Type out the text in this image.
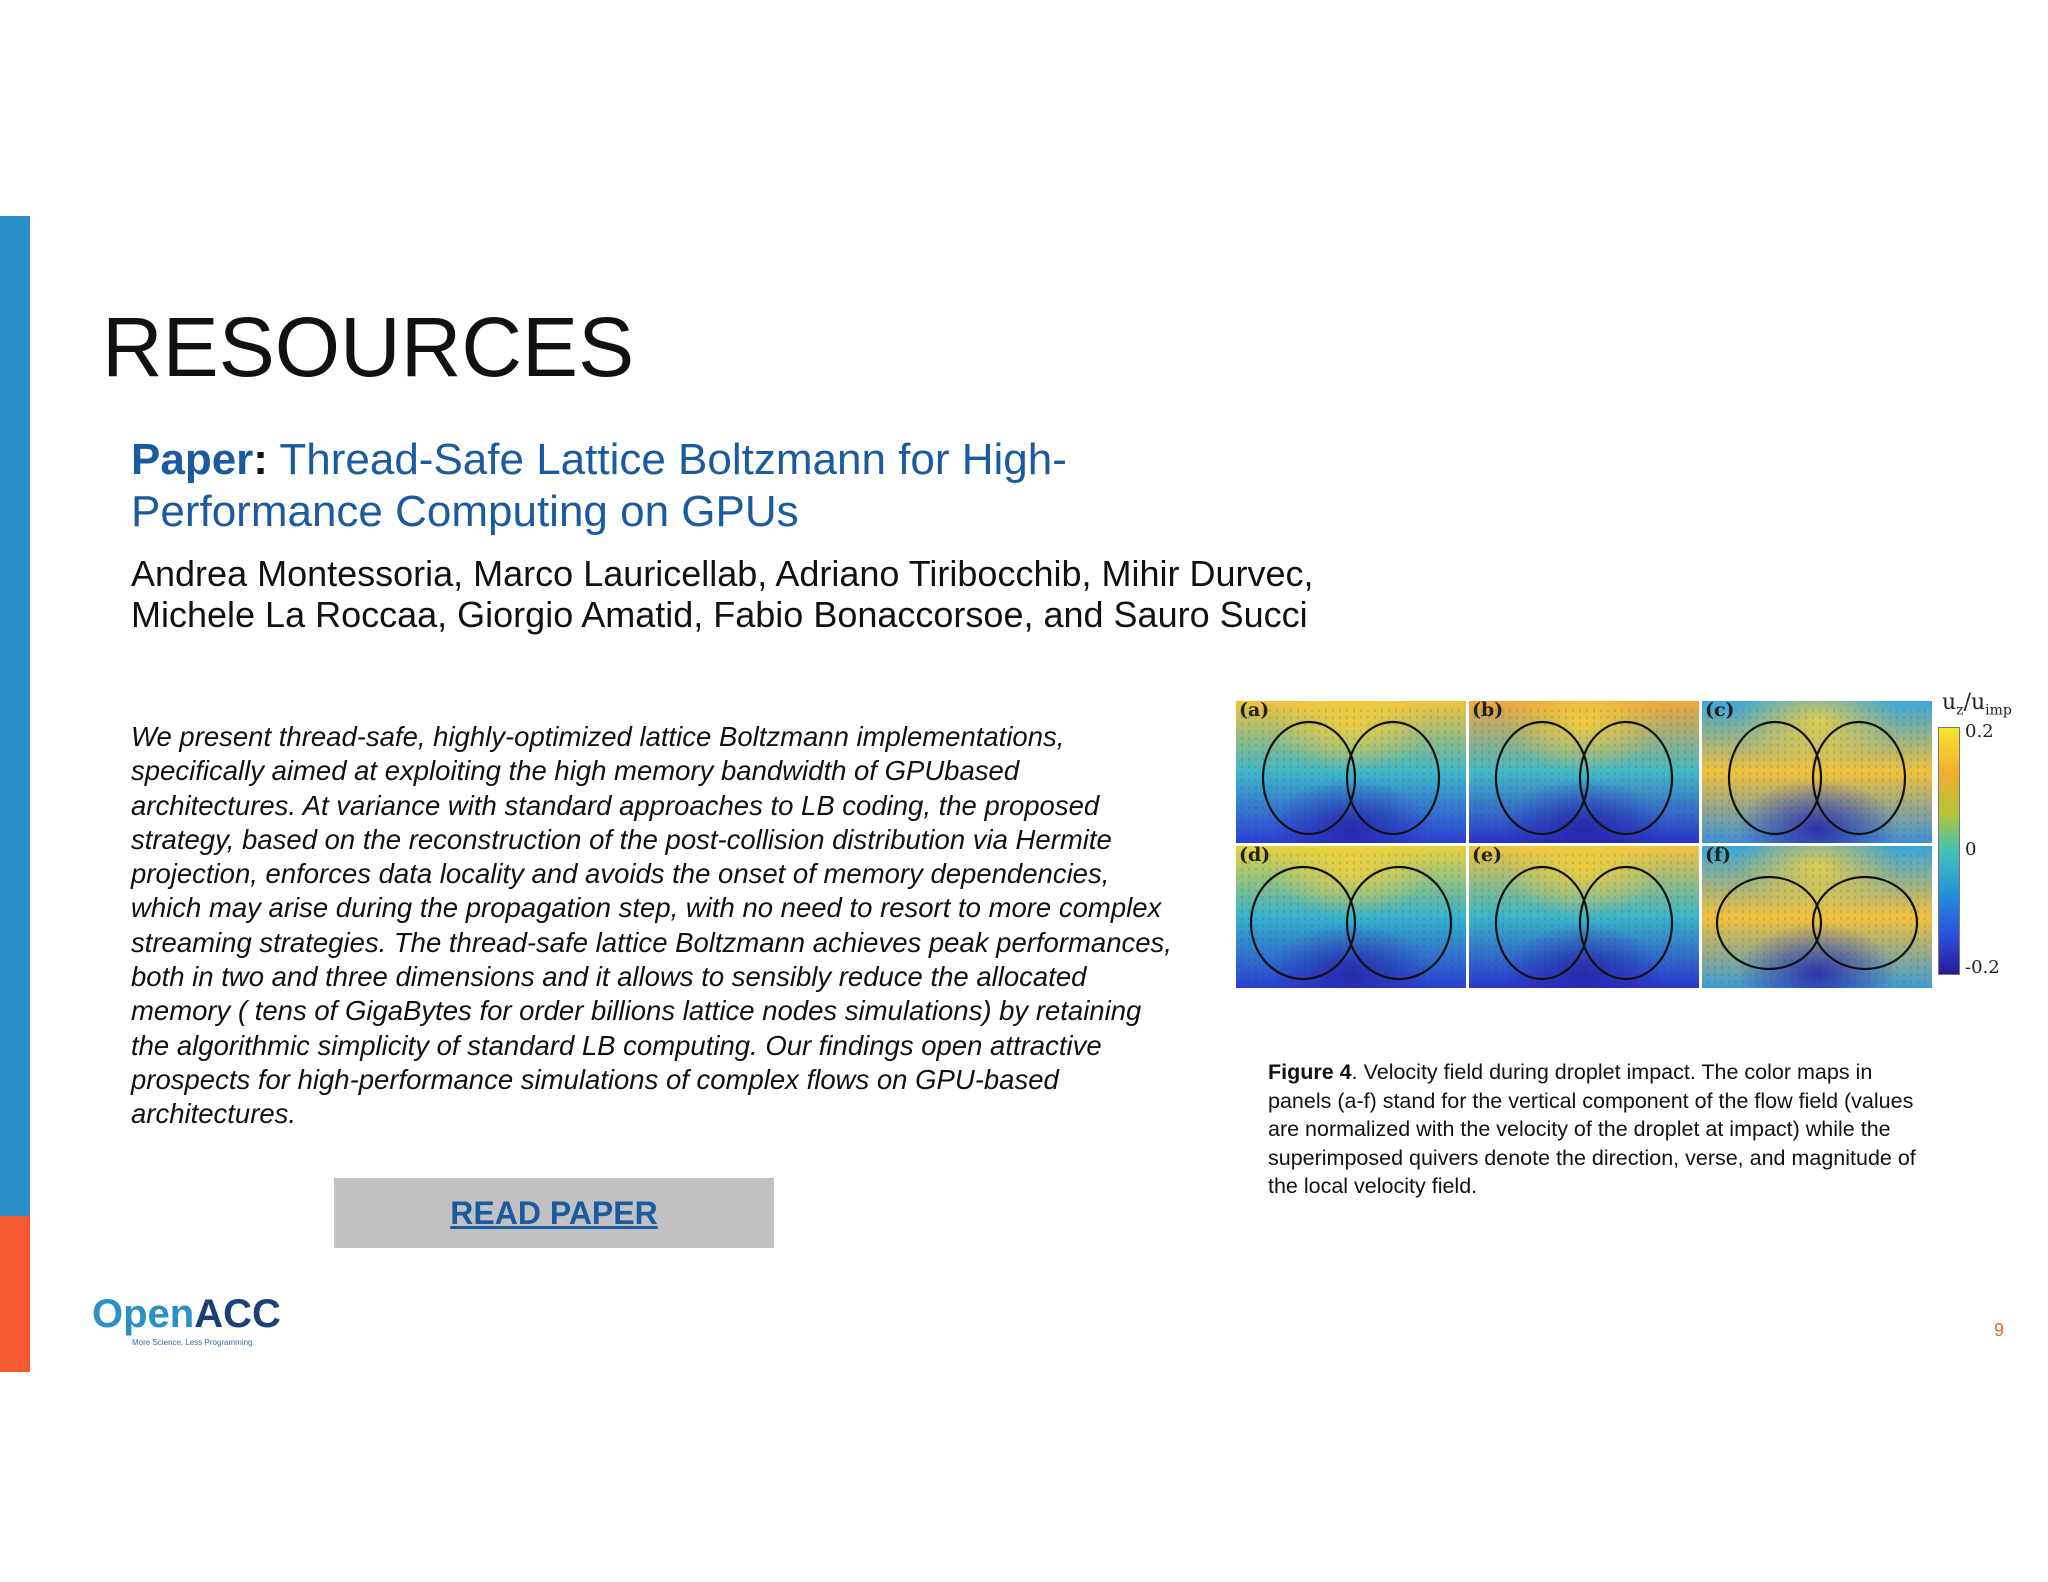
RESOURCES
Paper: Thread-Safe Lattice Boltzmann for High-Performance Computing on GPUs
Andrea Montessoria, Marco Lauricellab, Adriano Tiribocchib, Mihir Durvec, Michele La Roccaa, Giorgio Amatid, Fabio Bonaccorsoe, and Sauro Succi
We present thread-safe, highly-optimized lattice Boltzmann implementations, specifically aimed at exploiting the high memory bandwidth of GPUbased architectures. At variance with standard approaches to LB coding, the proposed strategy, based on the reconstruction of the post-collision distribution via Hermite projection, enforces data locality and avoids the onset of memory dependencies, which may arise during the propagation step, with no need to resort to more complex streaming strategies. The thread-safe lattice Boltzmann achieves peak performances, both in two and three dimensions and it allows to sensibly reduce the allocated memory ( tens of GigaBytes for order billions lattice nodes simulations) by retaining the algorithmic simplicity of standard LB computing. Our findings open attractive prospects for high-performance simulations of complex flows on GPU-based architectures.
READ PAPER
(a)	(b)	(c)
(d)	(e)	(f)
$u_z/u_{imp}$
0.2
0
-0.2
Figure 4. Velocity field during droplet impact. The color maps in panels (a-f) stand for the vertical component of the flow field (values are normalized with the velocity of the droplet at impact) while the superimposed quivers denote the direction, verse, and magnitude of the local velocity field.
OpenACC
More Science, Less Programming
9
